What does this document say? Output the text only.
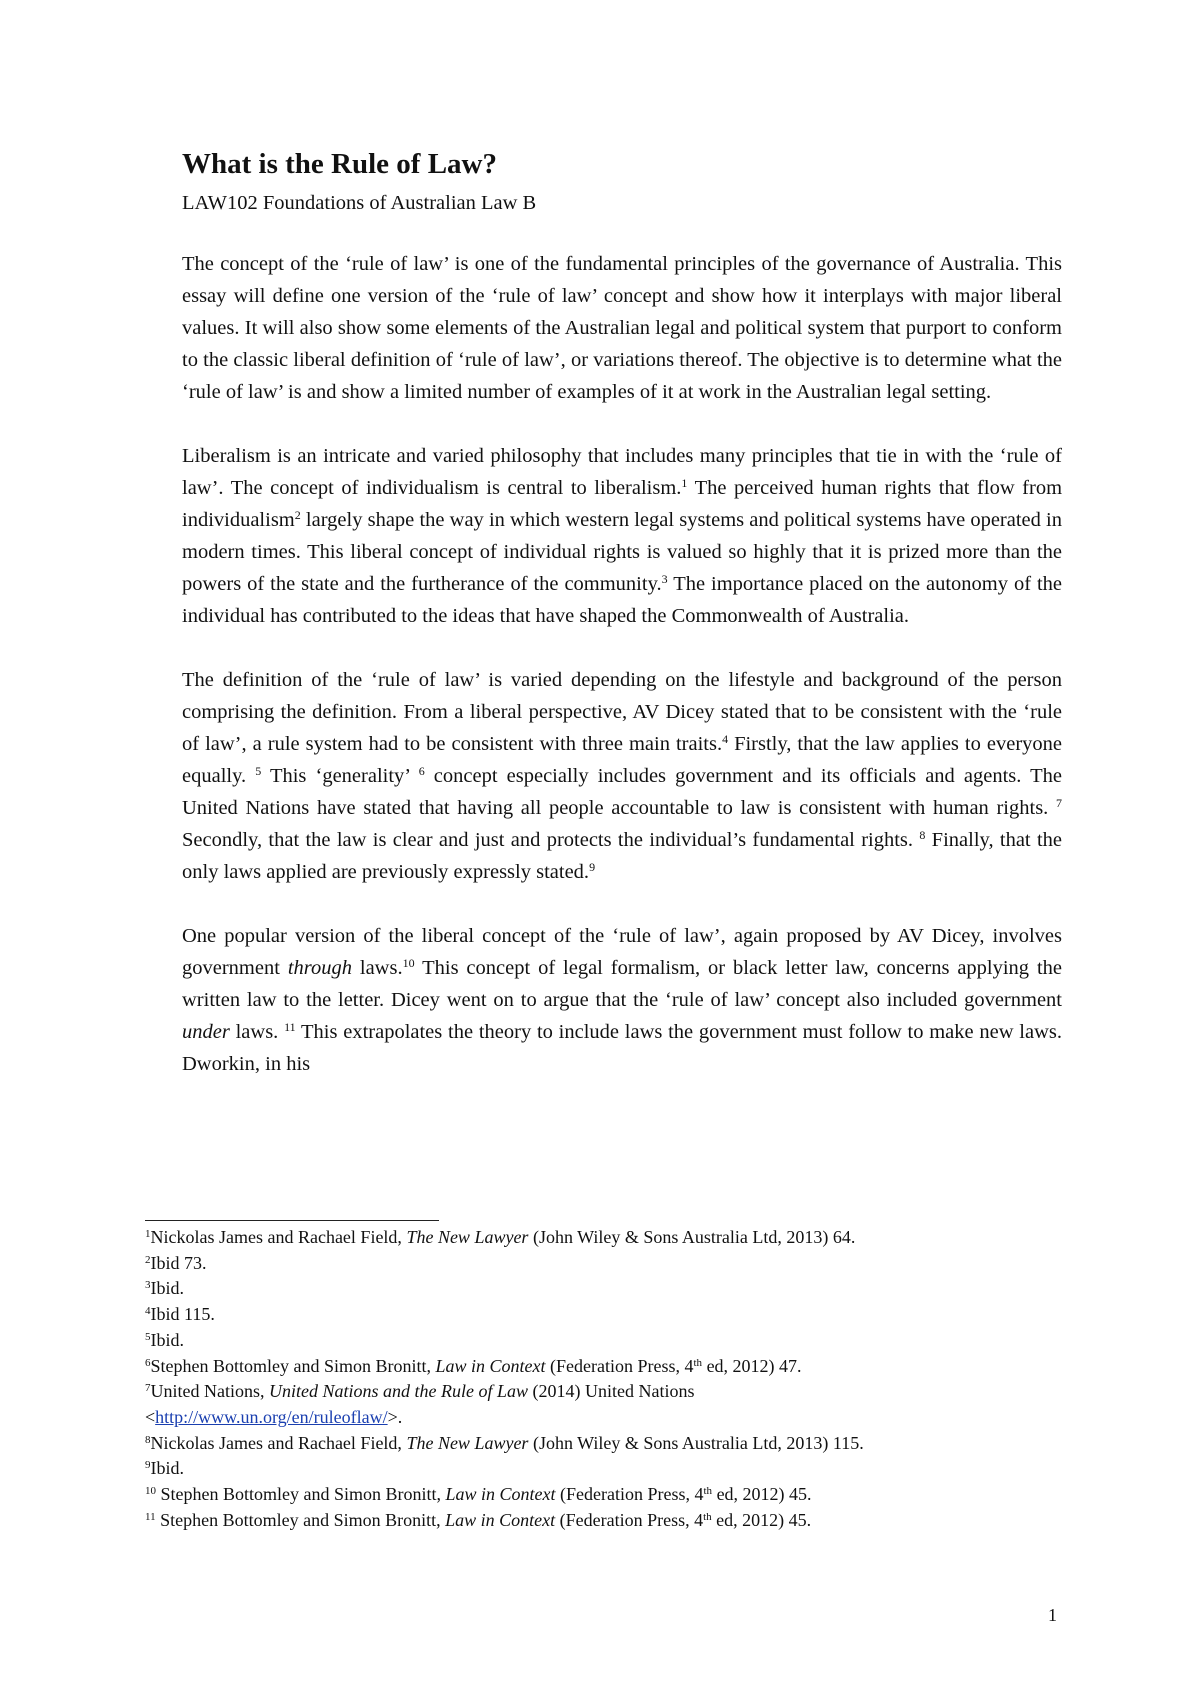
What is the Rule of Law?
LAW102 Foundations of Australian Law B

The concept of the ‘rule of law’ is one of the fundamental principles of the governance of Australia. This essay will define one version of the ‘rule of law’ concept and show how it interplays with major liberal values. It will also show some elements of the Australian legal and political system that purport to conform to the classic liberal definition of ‘rule of law’, or variations thereof. The objective is to determine what the ‘rule of law’ is and show a limited number of examples of it at work in the Australian legal setting.

Liberalism is an intricate and varied philosophy that includes many principles that tie in with the ‘rule of law’. The concept of individualism is central to liberalism.$^1$ The perceived human rights that flow from individualism$^2$ largely shape the way in which western legal systems and political systems have operated in modern times. This liberal concept of individual rights is valued so highly that it is prized more than the powers of the state and the furtherance of the community.$^3$ The importance placed on the autonomy of the individual has contributed to the ideas that have shaped the Commonwealth of Australia.

The definition of the ‘rule of law’ is varied depending on the lifestyle and background of the person comprising the definition. From a liberal perspective, AV Dicey stated that to be consistent with the ‘rule of law’, a rule system had to be consistent with three main traits.$^4$ Firstly, that the law applies to everyone equally. $^5$ This ‘generality’ $^6$ concept especially includes government and its officials and agents. The United Nations have stated that having all people accountable to law is consistent with human rights. $^7$ Secondly, that the law is clear and just and protects the individual’s fundamental rights. $^8$ Finally, that the only laws applied are previously expressly stated.$^9$

One popular version of the liberal concept of the ‘rule of law’, again proposed by AV Dicey, involves government through laws.$^{10}$ This concept of legal formalism, or black letter law, concerns applying the written law to the letter. Dicey went on to argue that the ‘rule of law’ concept also included government under laws. $^{11}$ This extrapolates the theory to include laws the government must follow to make new laws. Dworkin, in his

$^1$Nickolas James and Rachael Field, The New Lawyer (John Wiley & Sons Australia Ltd, 2013) 64.

$^2$Ibid 73.

$^3$Ibid.

$^4$Ibid 115.

$^5$Ibid.

$^6$Stephen Bottomley and Simon Bronitt, Law in Context (Federation Press, 4th ed, 2012) 47.

$^7$United Nations, United Nations and the Rule of Law (2014) United Nations
<http://www.un.org/en/ruleoflaw/>.

$^8$Nickolas James and Rachael Field, The New Lawyer (John Wiley & Sons Australia Ltd, 2013) 115.

$^9$Ibid.

$^{10}$ Stephen Bottomley and Simon Bronitt, Law in Context (Federation Press, 4th ed, 2012) 45.

$^{11}$ Stephen Bottomley and Simon Bronitt, Law in Context (Federation Press, 4th ed, 2012) 45.

1
